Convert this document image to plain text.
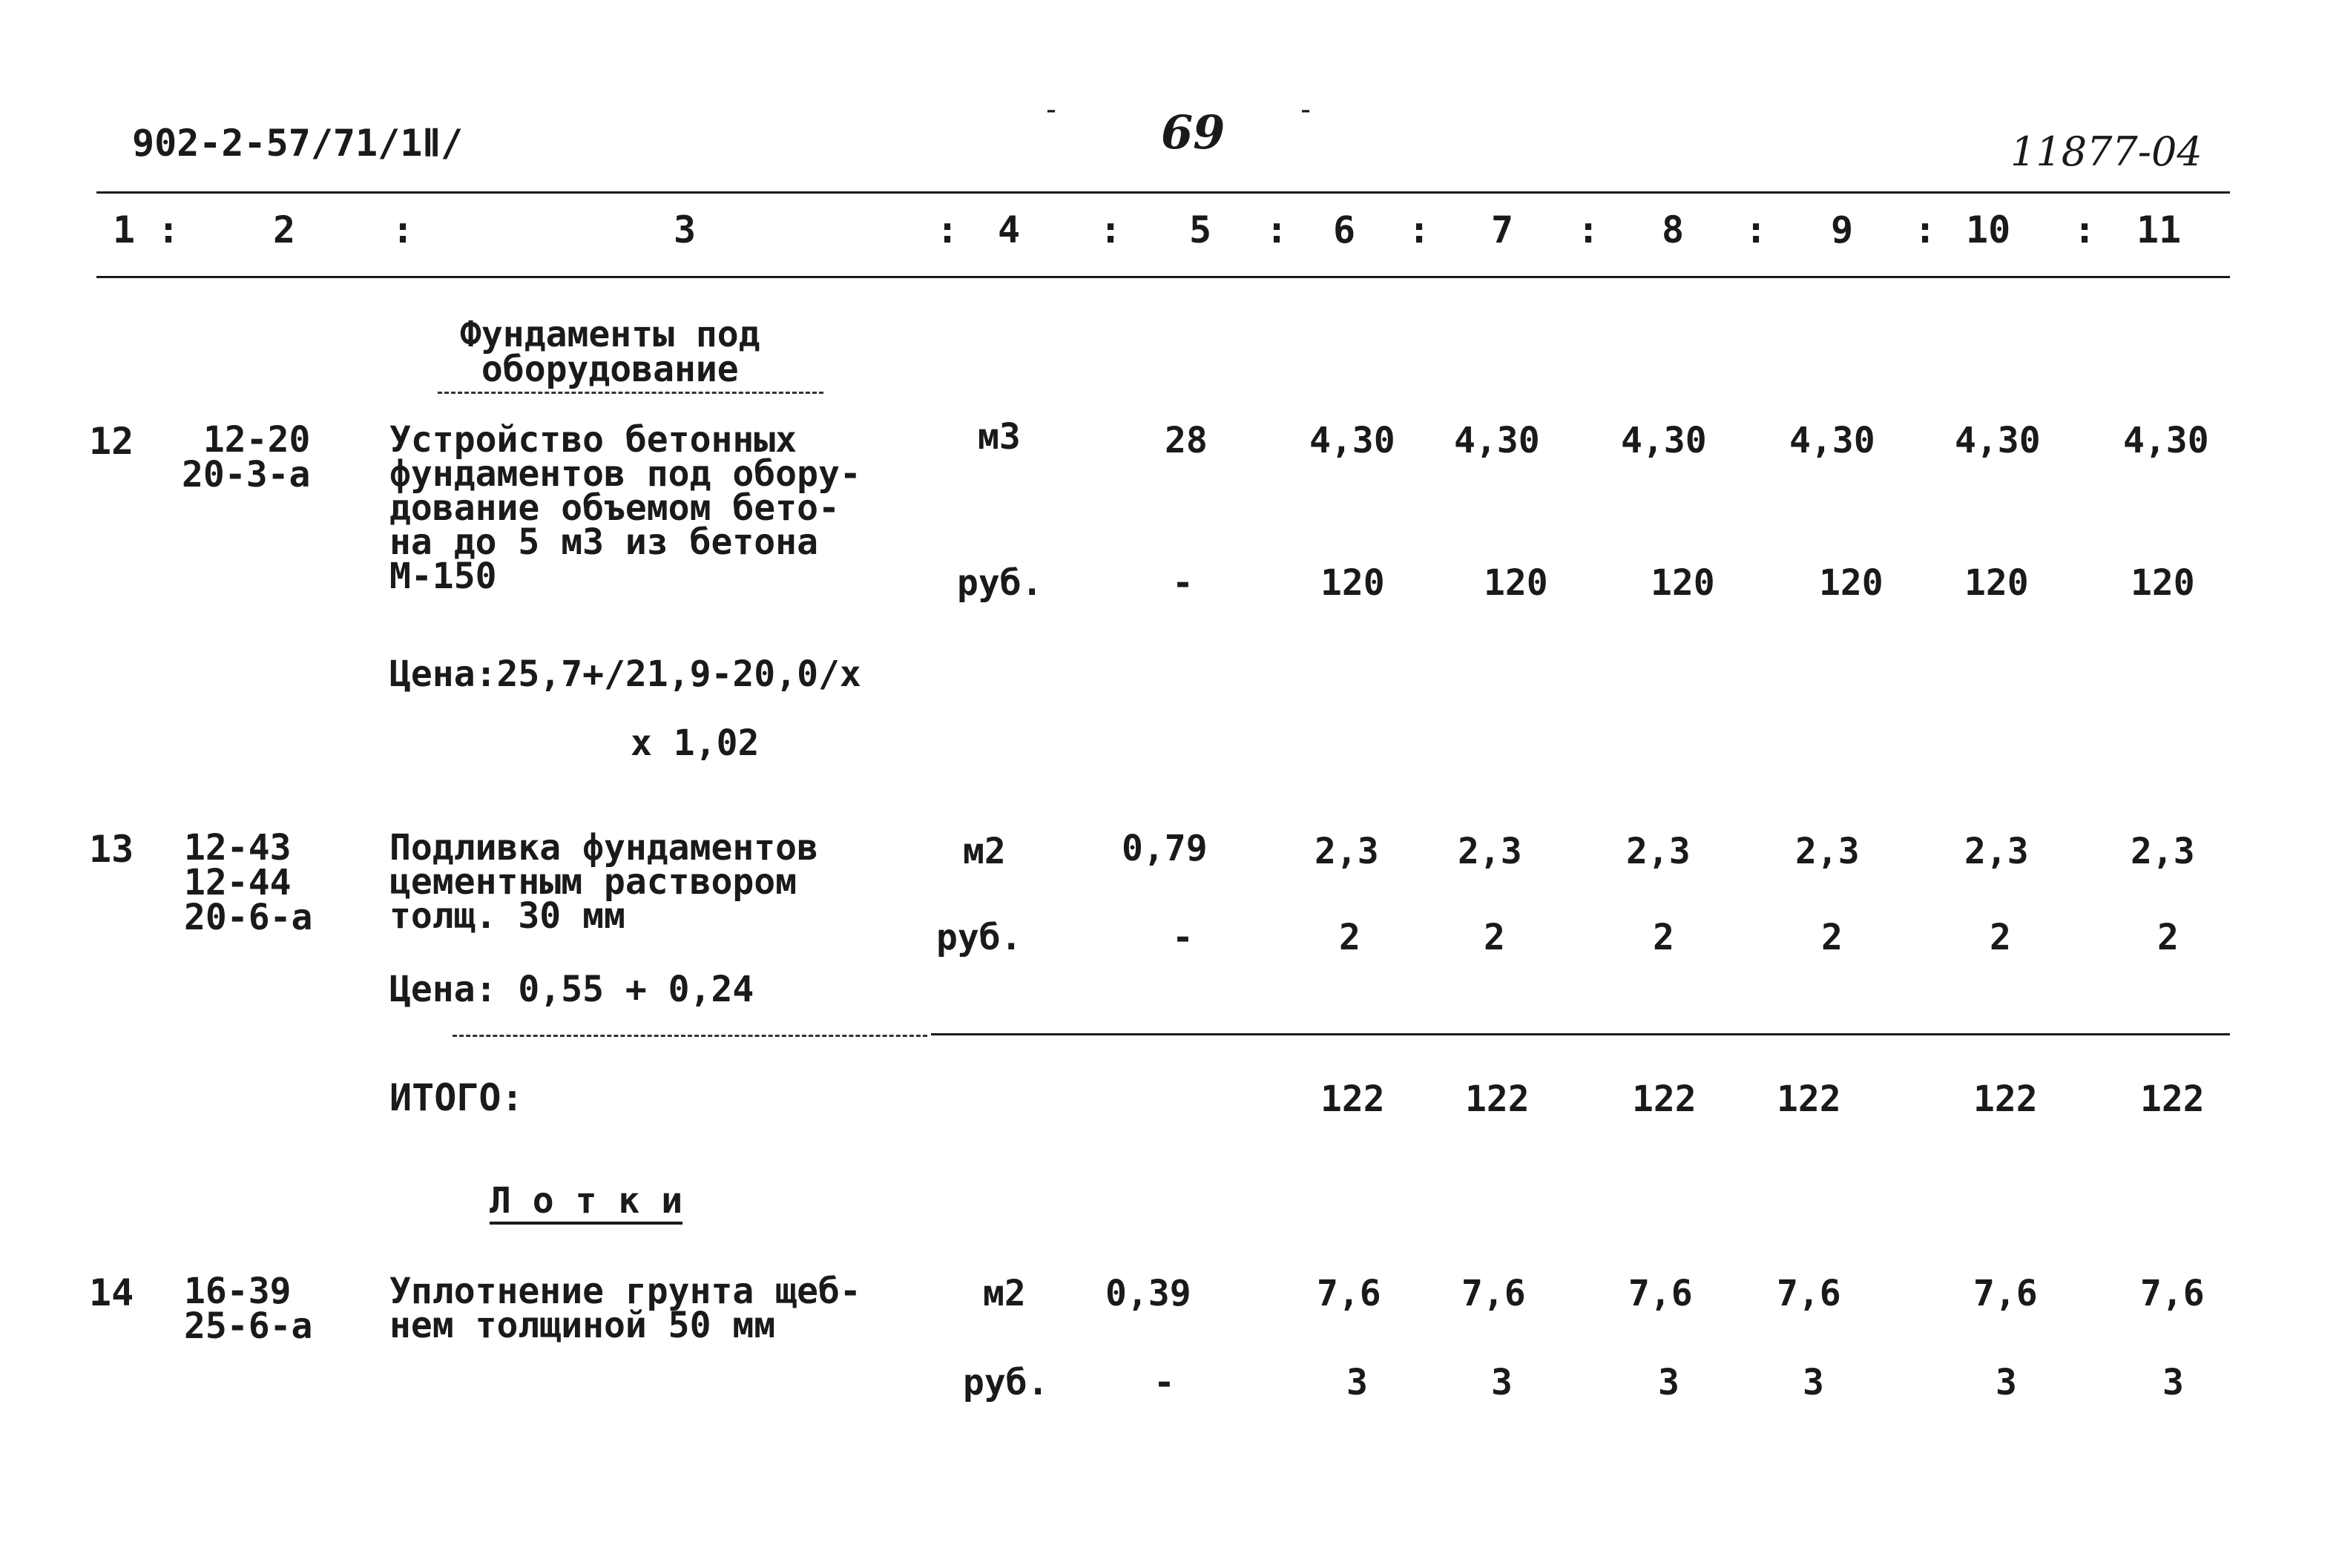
902-2-57/71/1Ⅱ/	69
-	-
11877-04
1 :	2	:	3	: 4 : 5 : 6 : 7 : 8 : 9 : 10 : 11
Фундаменты под
оборудование
12	12-20
20-3-а
Устройство бетонных
фундаментов под обору-
дование объемом бето-
на до 5 м3 из бетона
М-150
м3	28	4,30 4,30 4,30 4,30 4,30 4,30
руб.	-	120	120	120	120 120	120
Цена:25,7+/21,9-20,0/х
х 1,02
13 12-43
12-44
20-6-а
Подливка фундаментов
цементным раствором
толщ. 30 мм
м2	0,79	2,3 2,3	2,3	2,3	2,3	2,3
руб.	-	2	2	2	2	2	2
Цена: 0,55 + 0,24
ИТОГО:	122 122	122 122	122	122
Л о т к и
14 16-39
25-6-а
Уплотнение грунта щеб-
нем толщиной 50 мм
м2 0,39	7,6 7,6	7,6 7,6	7,6	7,6
руб.	-	3	3	3	3	3	3
